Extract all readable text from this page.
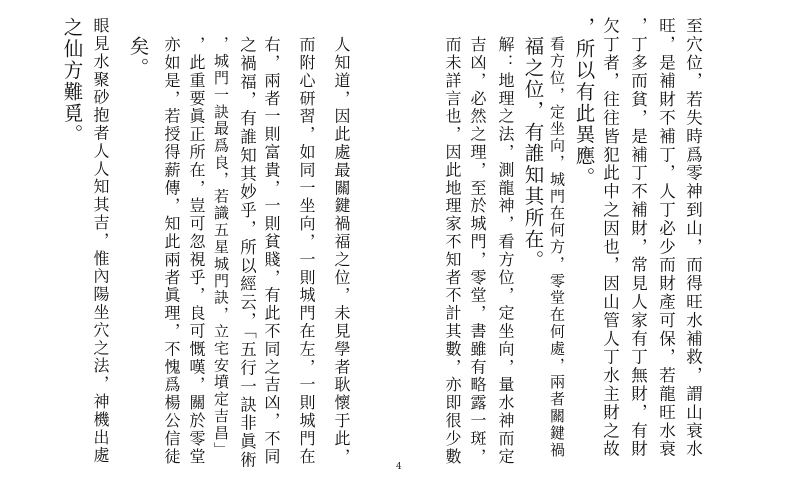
人知道，因此處最關鍵禍福之位，未見學者耿懷于此，
而附心研習，如同一坐向，一則城門在左，一則城門在
右，兩者一則富貴，一則貧賤，有此不同之吉凶，不同
之禍福，有誰知其妙乎，所以經云，「五行一訣非眞術
，城門一訣最爲良，若識五星城門訣，立宅安墳定吉昌」
，此重要眞正所在，豈可忽視乎，良可慨嘆，關於零堂
亦如是，若授得薪傳，知此兩者眞理，不愧爲楊公信徒
矣。
眼見水聚砂抱者人人知其吉，惟內陽坐穴之法，神機出處
之仙方難覓。	至穴位，若失時爲零神到山，而得旺水補救，謂山衰水
旺，是補財不補丁，人丁必少而財產可保，若龍旺水衰
，丁多而貧，是補丁不補財，常見人家有丁無財，有財
欠丁者，往往皆犯此中之因也，因山管人丁水主財之故
，所以有此異應。
看方位，定坐向，城門在何方，零堂在何處，兩者關鍵禍
福之位，有誰知其所在。
解：地理之法，測龍神，看方位，定坐向，量水神而定
吉凶，必然之理，至於城門，零堂，書雖有略露一斑，
而未詳言也，因此地理家不知者不計其數，亦即很少數
4
